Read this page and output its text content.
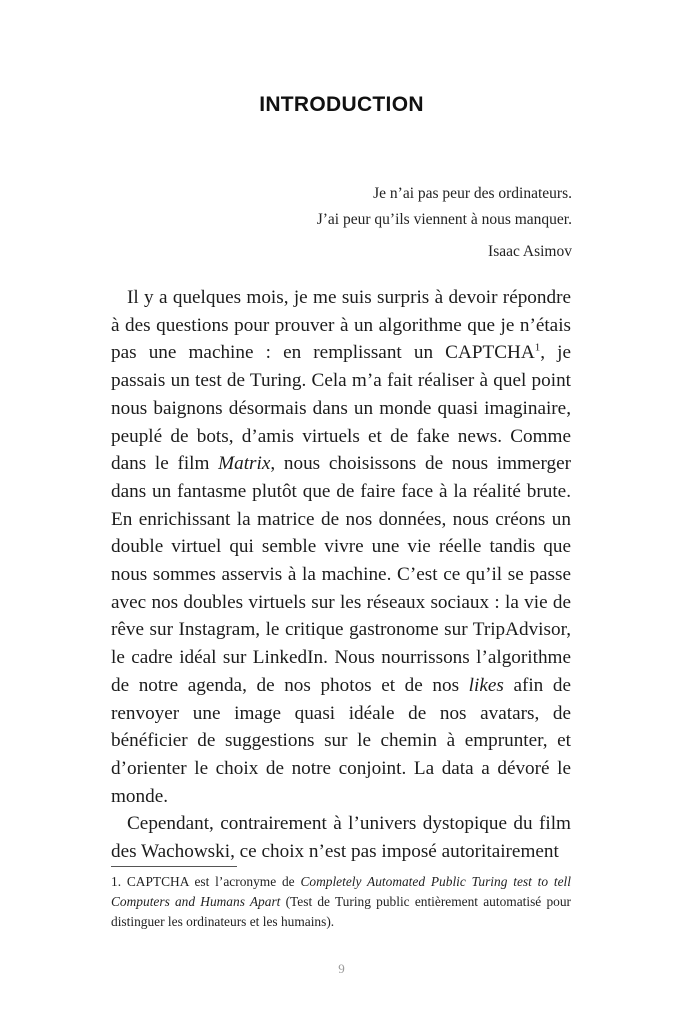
INTRODUCTION
Je n’ai pas peur des ordinateurs.
J’ai peur qu’ils viennent à nous manquer.
Isaac Asimov

Il y a quelques mois, je me suis surpris à devoir répondre à des questions pour prouver à un algorithme que je n’étais pas une machine : en remplissant un CAPTCHA$^1$, je passais un test de Turing. Cela m’a fait réaliser à quel point nous baignons désormais dans un monde quasi imaginaire, peuplé de bots, d’amis virtuels et de fake news. Comme dans le film Matrix, nous choisissons de nous immerger dans un fantasme plutôt que de faire face à la réalité brute. En enrichissant la matrice de nos données, nous créons un double virtuel qui semble vivre une vie réelle tandis que nous sommes asservis à la machine. C’est ce qu’il se passe avec nos doubles virtuels sur les réseaux sociaux : la vie de rêve sur Instagram, le critique gastronome sur TripAdvisor, le cadre idéal sur LinkedIn. Nous nourrissons l’algorithme de notre agenda, de nos photos et de nos likes afin de renvoyer une image quasi idéale de nos avatars, de bénéficier de suggestions sur le chemin à emprunter, et d’orienter le choix de notre conjoint. La data a dévoré le monde.

Cependant, contrairement à l’univers dystopique du film des Wachowski, ce choix n’est pas imposé autoritairement

1. CAPTCHA est l’acronyme de Completely Automated Public Turing test to tell Computers and Humans Apart (Test de Turing public entièrement automatisé pour distinguer les ordinateurs et les humains).
9
